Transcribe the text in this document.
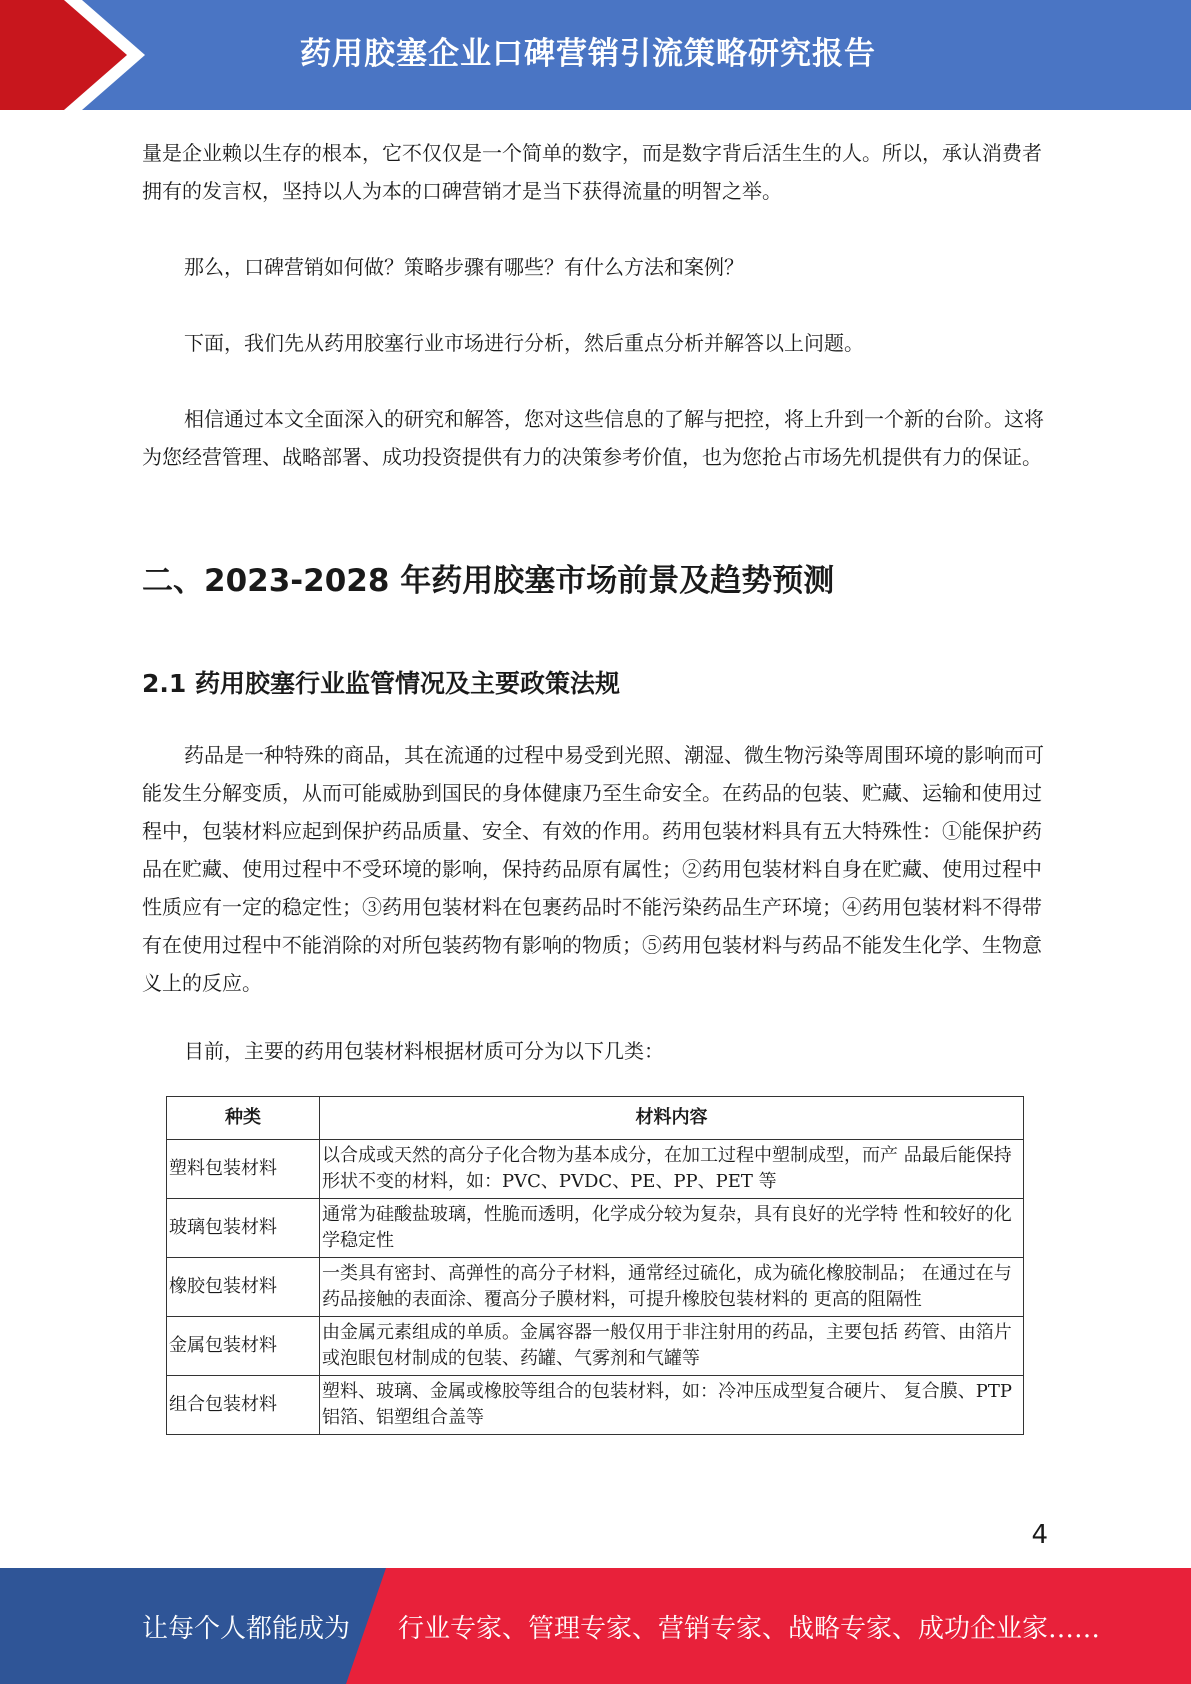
药用胶塞企业口碑营销引流策略研究报告

量是企业赖以生存的根本，它不仅仅是一个简单的数字，而是数字背后活生生的人。所以，承认消费者拥有的发言权，坚持以人为本的口碑营销才是当下获得流量的明智之举。

那么，口碑营销如何做？策略步骤有哪些？有什么方法和案例？

下面，我们先从药用胶塞行业市场进行分析，然后重点分析并解答以上问题。

相信通过本文全面深入的研究和解答，您对这些信息的了解与把控，将上升到一个新的台阶。这将为您经营管理、战略部署、成功投资提供有力的决策参考价值，也为您抢占市场先机提供有力的保证。

二、2023-2028 年药用胶塞市场前景及趋势预测
2.1 药用胶塞行业监管情况及主要政策法规

药品是一种特殊的商品，其在流通的过程中易受到光照、潮湿、微生物污染等周围环境的影响而可能发生分解变质，从而可能威胁到国民的身体健康乃至生命安全。在药品的包装、贮藏、运输和使用过程中，包装材料应起到保护药品质量、安全、有效的作用。药用包装材料具有五大特殊性：①能保护药品在贮藏、使用过程中不受环境的影响，保持药品原有属性；②药用包装材料自身在贮藏、使用过程中性质应有一定的稳定性；③药用包装材料在包裹药品时不能污染药品生产环境；④药用包装材料不得带有在使用过程中不能消除的对所包装药物有影响的物质；⑤药用包装材料与药品不能发生化学、生物意义上的反应。

目前，主要的药用包装材料根据材质可分为以下几类：

种类	材料内容
塑料包装材料	以合成或天然的高分子化合物为基本成分，在加工过程中塑制成型，而产 品最后能保持形状不变的材料，如：PVC、PVDC、PE、PP、PET 等
玻璃包装材料	通常为硅酸盐玻璃，性脆而透明，化学成分较为复杂，具有良好的光学特 性和较好的化学稳定性
橡胶包装材料	一类具有密封、高弹性的高分子材料，通常经过硫化，成为硫化橡胶制品； 在通过在与药品接触的表面涂、覆高分子膜材料，可提升橡胶包装材料的 更高的阻隔性
金属包装材料	由金属元素组成的单质。金属容器一般仅用于非注射用的药品，主要包括 药管、由箔片或泡眼包材制成的包装、药罐、气雾剂和气罐等
组合包装材料	塑料、玻璃、金属或橡胶等组合的包装材料，如：冷冲压成型复合硬片、 复合膜、PTP 铝箔、铝塑组合盖等
4
让每个人都能成为 行业专家、管理专家、营销专家、战略专家、成功企业家……
